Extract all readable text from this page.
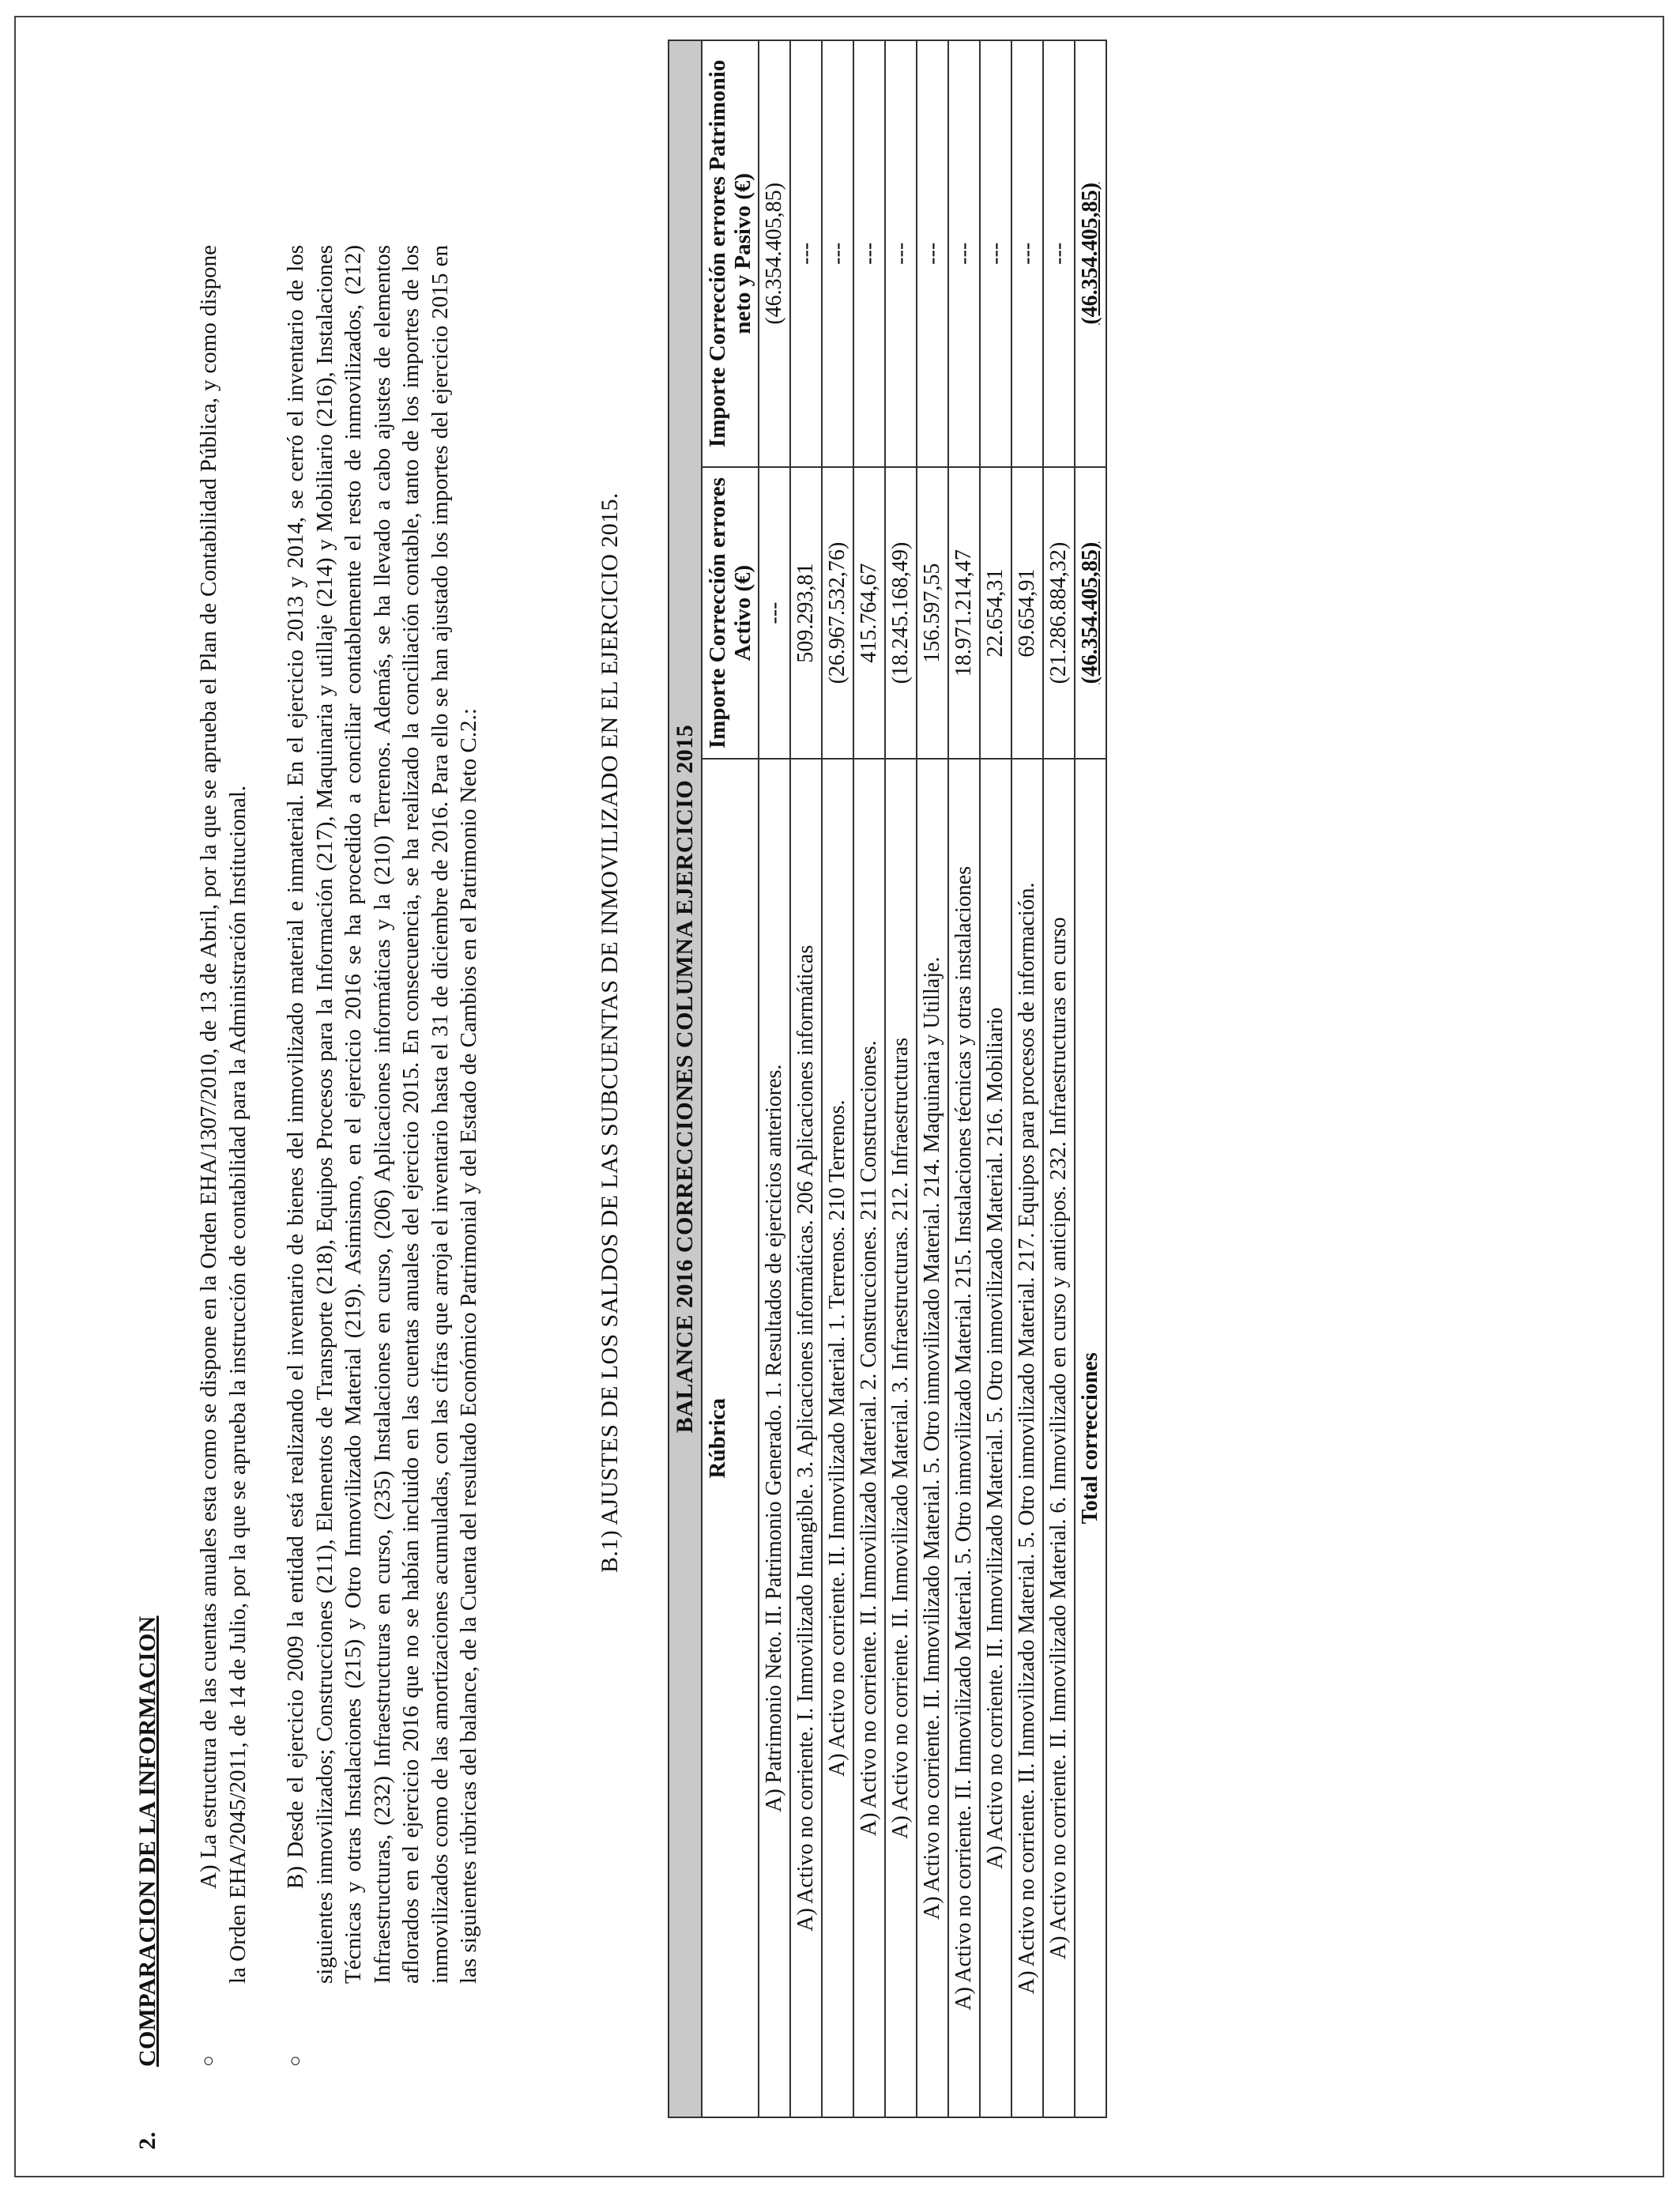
2.COMPARACION DE LA INFORMACION ○
A) La estructura de las cuentas anuales esta como se dispone en la Orden EHA/1307/2010, de 13 de Abril, por la que se aprueba el Plan de Contabilidad Pública, y como dispone la Orden EHA/2045/2011, de 14 de Julio, por la que se aprueba la instrucción de contabilidad para la Administración Institucional.
○
B) Desde el ejercicio 2009 la entidad está realizando el inventario de bienes del inmovilizado material e inmaterial. En el ejercicio 2013 y 2014, se cerró el inventario de los siguientes inmovilizados; Construcciones (211), Elementos de Transporte (218), Equipos Procesos para la Información (217), Maquinaria y utillaje (214) y Mobiliario (216), Instalaciones Técnicas y otras Instalaciones (215) y Otro Inmovilizado Material (219). Asimismo, en el ejercicio 2016 se ha procedido a conciliar contablemente el resto de inmovilizados, (212) Infraestructuras, (232) Infraestructuras en curso, (235) Instalaciones en curso, (206) Aplicaciones informáticas y la (210) Terrenos. Además, se ha llevado a cabo ajustes de elementos aflorados en el ejercicio 2016 que no se habían incluido en las cuentas anuales del ejercicio 2015. En consecuencia, se ha realizado la conciliación contable, tanto de los importes de los inmovilizados como de las amortizaciones acumuladas, con las cifras que arroja el inventario hasta el 31 de diciembre de 2016. Para ello se han ajustado los importes del ejercicio 2015 en las siguientes rúbricas del balance, de la Cuenta del resultado Económico Patrimonial y del Estado de Cambios en el Patrimonio Neto C.2.:	B.1) AJUSTES DE LOS SALDOS DE LAS SUBCUENTAS DE INMOVILIZADO EN EL EJERCICIO 2015. BALANCE 2016 CORRECCIONES COLUMNA EJERCICIO 2015		
Rúbrica	Importe Corrección errores Activo (€)	Importe Corrección errores Patrimonio neto y Pasivo (€)
A) Patrimonio Neto. II. Patrimonio Generado. 1. Resultados de ejercicios anteriores.	---	(46.354.405,85)
A) Activo no corriente. I. Inmovilizado Intangible. 3. Aplicaciones informáticas. 206 Aplicaciones informáticas	509.293,81	---
A) Activo no corriente. II. Inmovilizado Material. 1. Terrenos. 210 Terrenos.	(26.967.532,76)	---
A) Activo no corriente. II. Inmovilizado Material. 2. Construcciones. 211 Construcciones.	415.764,67	---
A) Activo no corriente. II. Inmovilizado Material. 3. Infraestructuras. 212. Infraestructuras	(18.245.168,49)	---
A) Activo no corriente. II. Inmovilizado Material. 5. Otro inmovilizado Material. 214. Maquinaria y Utillaje.	156.597,55	---
A) Activo no corriente. II. Inmovilizado Material. 5. Otro inmovilizado Material. 215. Instalaciones técnicas y otras instalaciones	18.971.214,47	---
A) Activo no corriente. II. Inmovilizado Material. 5. Otro inmovilizado Material. 216. Mobiliario	22.654,31	---
A) Activo no corriente. II. Inmovilizado Material. 5. Otro inmovilizado Material. 217. Equipos para procesos de información.	69.654,91	---
A) Activo no corriente. II. Inmovilizado Material. 6. Inmovilizado en curso y anticipos. 232. Infraestructuras en curso	(21.286.884,32)	---
Total correcciones	(46.354.405,85)	(46.354.405,85)
